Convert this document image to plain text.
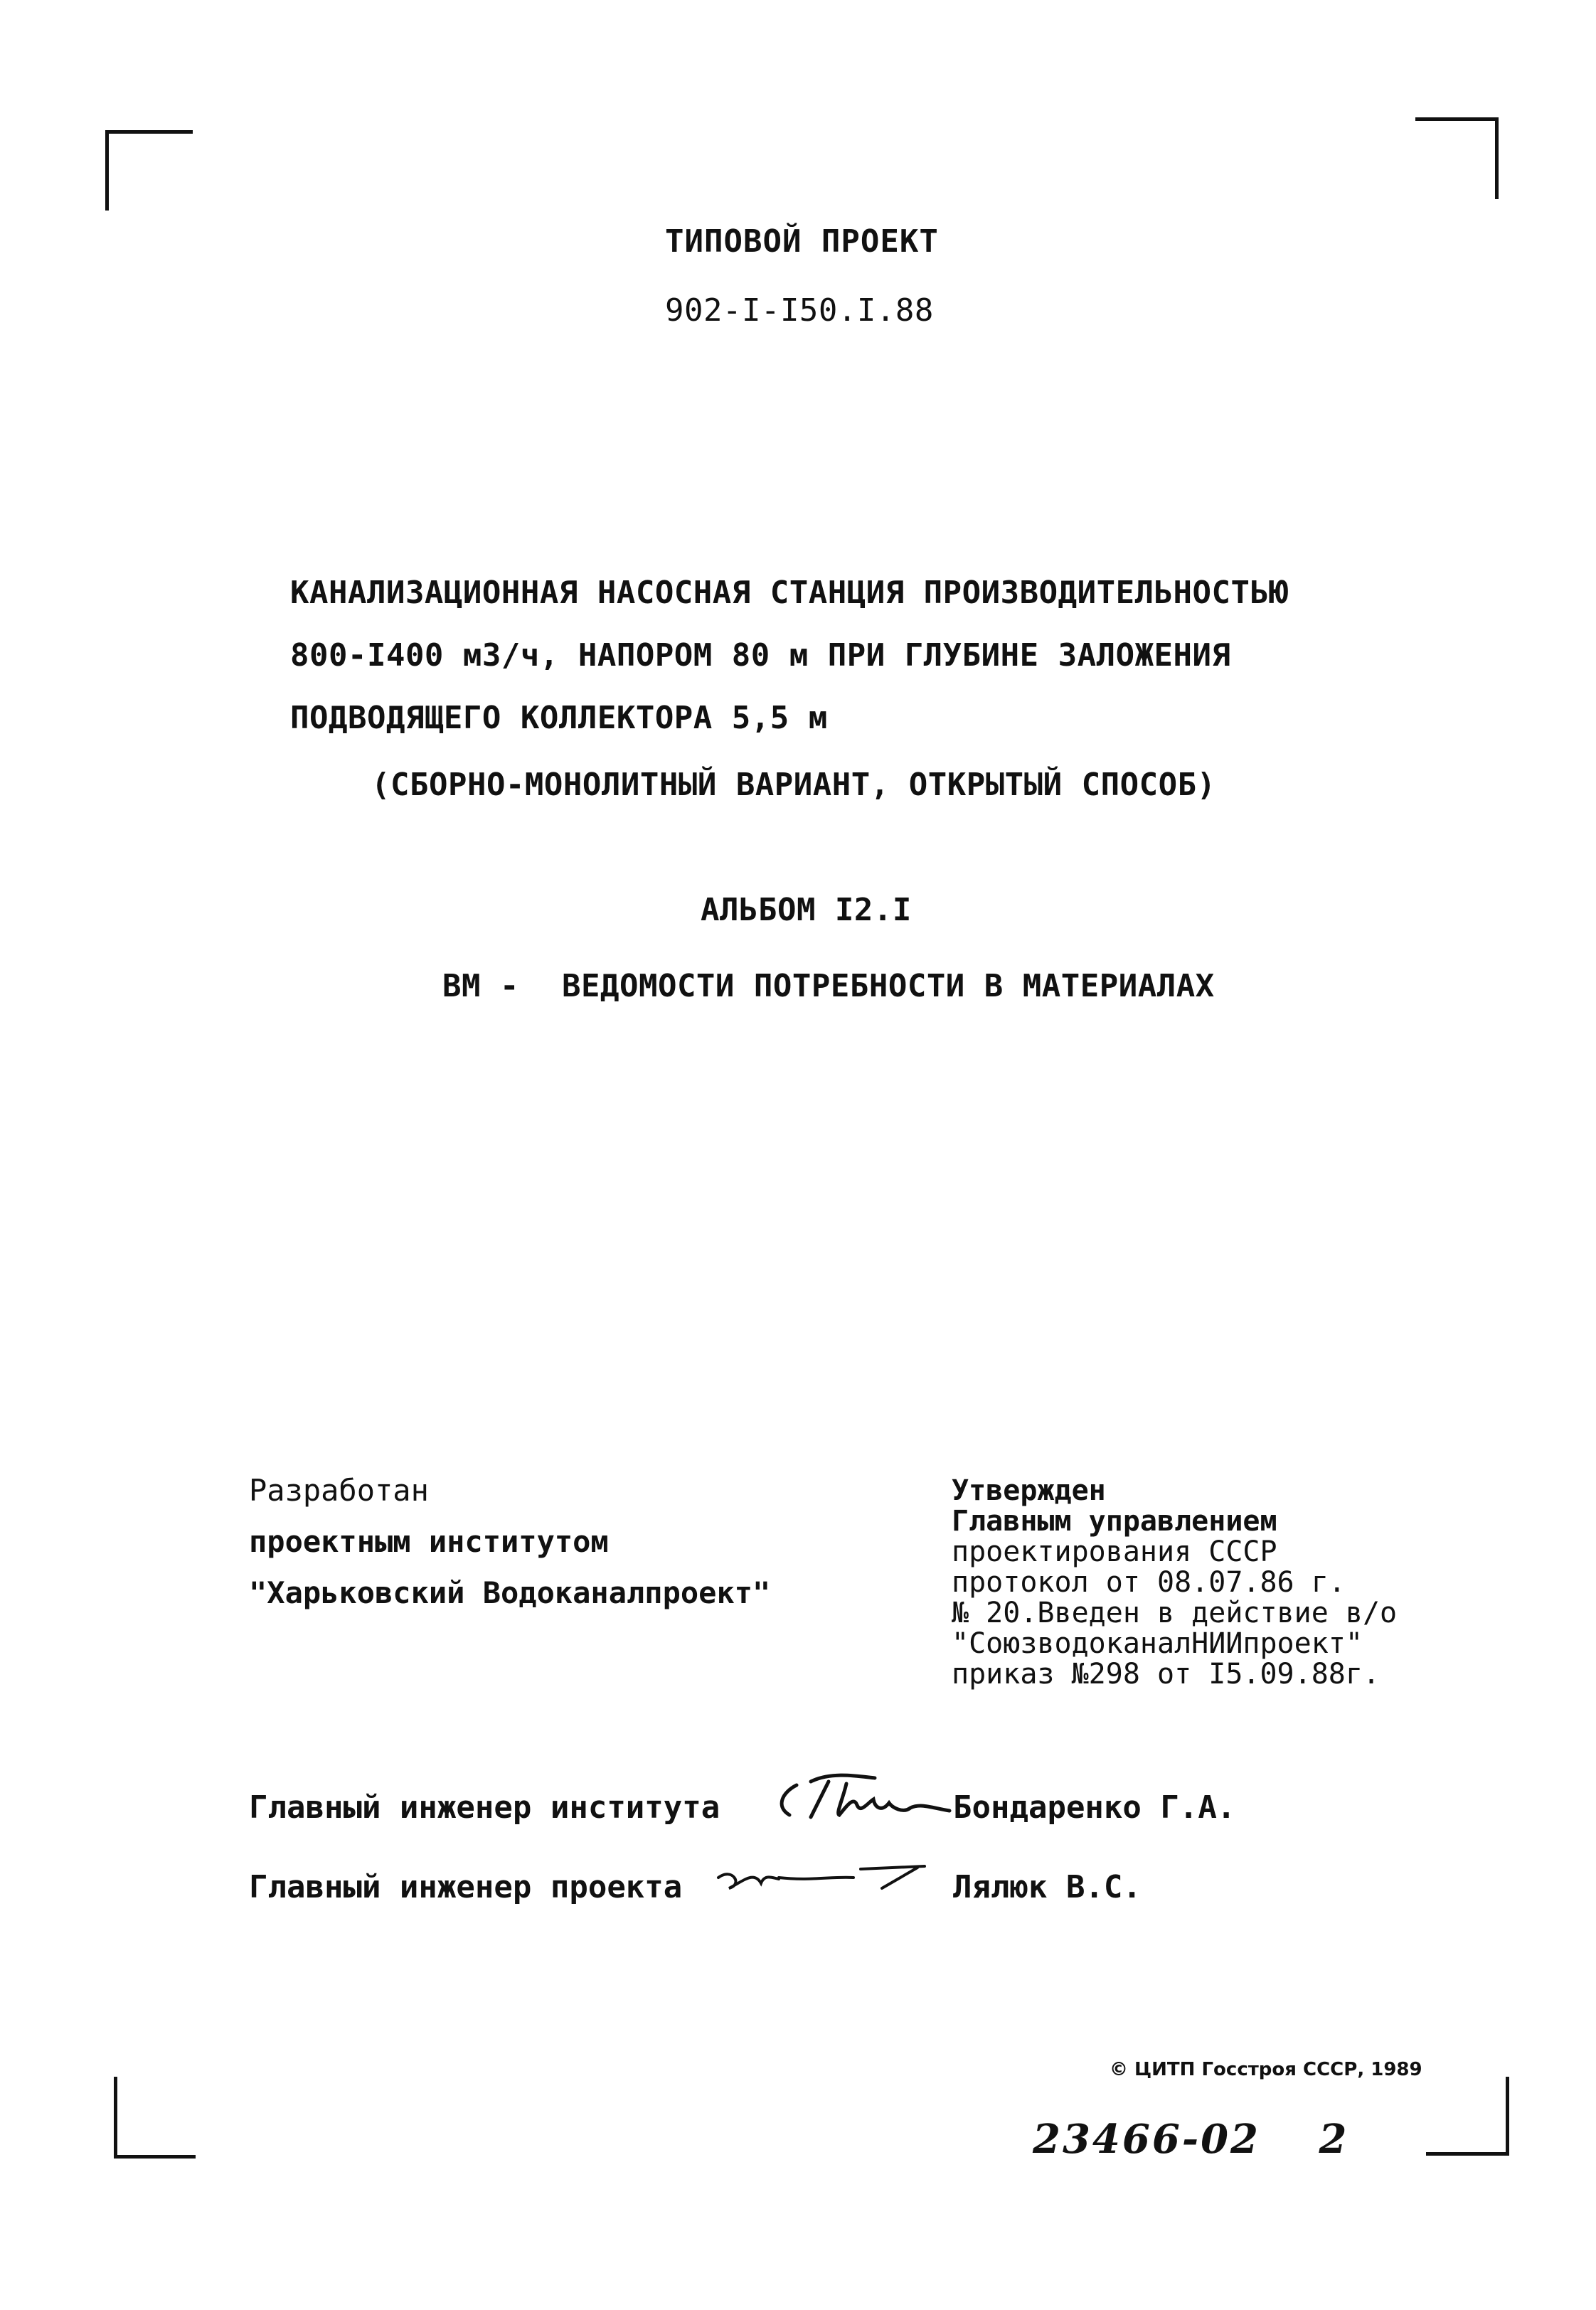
ТИПОВОЙ ПРОЕКТ
902-I-I50.I.88
КАНАЛИЗАЦИОННАЯ НАСОСНАЯ СТАНЦИЯ ПРОИЗВОДИТЕЛЬНОСТЬЮ
800-I400 м3/ч, НАПОРОМ 80 м ПРИ ГЛУБИНЕ ЗАЛОЖЕНИЯ
ПОДВОДЯЩЕГО КОЛЛЕКТОРА 5,5 м
(СБОРНО-МОНОЛИТНЫЙ ВАРИАНТ, ОТКРЫТЫЙ СПОСОБ)
АЛЬБОМ I2.I
ВМ - ВЕДОМОСТИ ПОТРЕБНОСТИ В МАТЕРИАЛАХ
Разработан
проектным институтом
"Харьковский Водоканалпроект"
Утвержден
Главным управлением
проектирования СССР
протокол от 08.07.86 г.
№ 20.Введен в действие в/о
"СоюзводоканалНИИпроект"
приказ №298 от I5.09.88г.
Главный инженер института	Бондаренко Г.А.
Главный инженер проекта	Лялюк В.С.
© ЦИТП Госстроя СССР, 1989
23466-02 2
